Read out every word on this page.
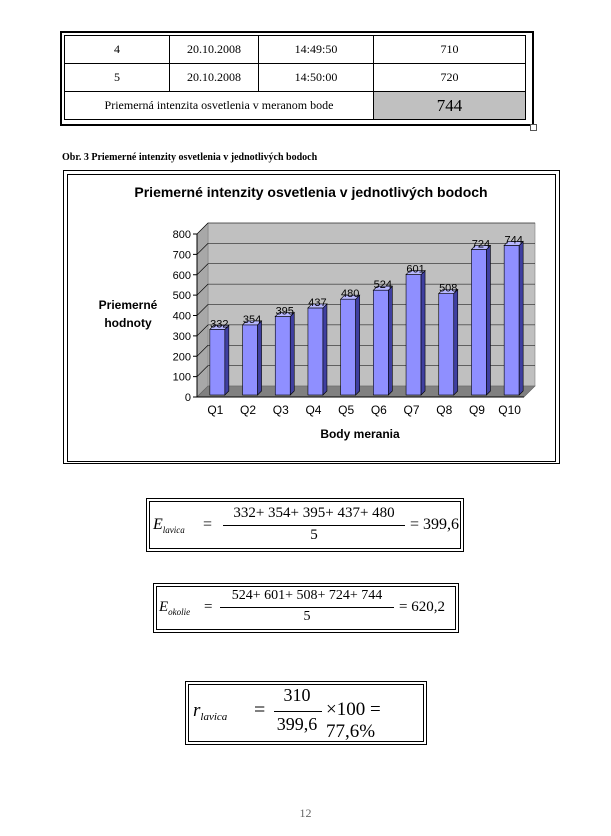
4	20.10.2008	14:49:50	710
5	20.10.2008	14:50:00	720
Priemerná intenzita osvetlenia v meranom bode			744
Obr. 3 Priemerné intenzity osvetlenia v jednotlivých bodoch
Priemerné intenzity osvetlenia v jednotlivých bodoch
0
100
200
300
400
500
600
700
800
332
Q1
354
Q2
395
Q3
437
Q4
480
Q5
524
Q6
601
Q7
508
Q8
724
Q9
744
Q10
Body merania
Priemerné
hodnoty
$E_{lavica}$ =
332+ 354+ 395+ 437+ 480
5
= 399,6
$E_{okolie}$ =
524+ 601+ 508+ 724+ 744
5
= 620,2
$r_{lavica}$ =
310
399,6
×100 = 77,6%
12
